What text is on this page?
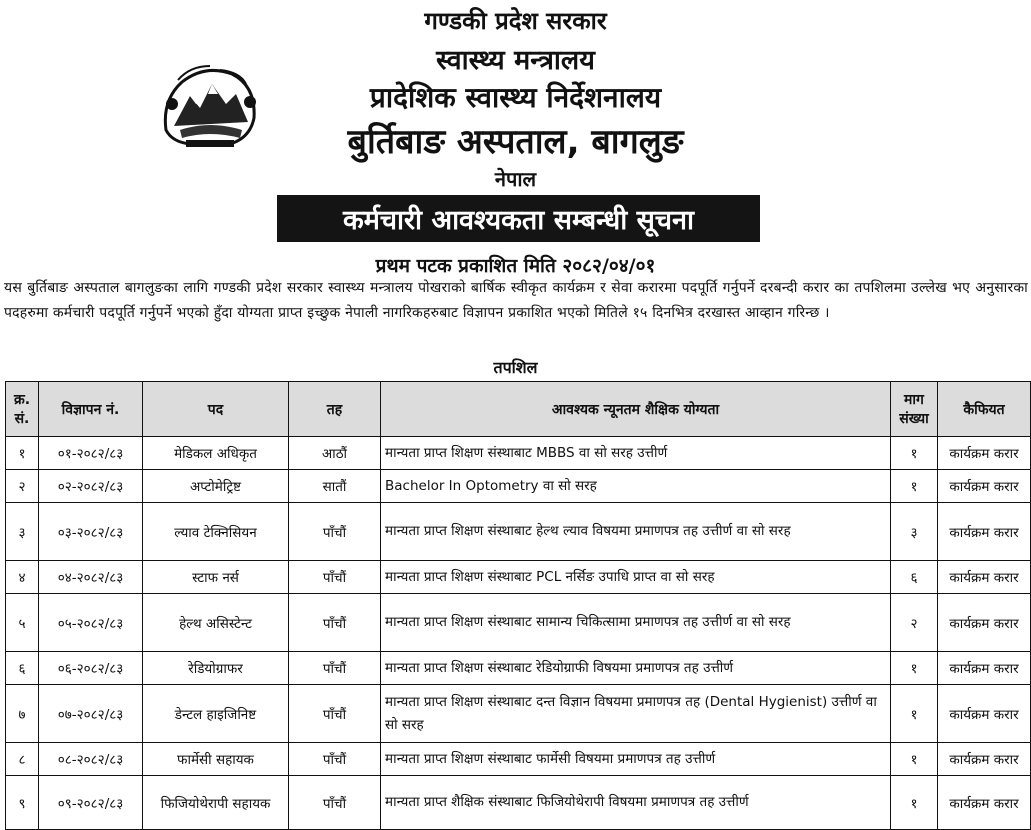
गण्डकी प्रदेश सरकार
स्वास्थ्य मन्त्रालय
प्रादेशिक स्वास्थ्य निर्देशनालय
बुर्तिबाङ अस्पताल, बागलुङ
नेपाल
कर्मचारी आवश्यकता सम्बन्धी सूचना
प्रथम पटक प्रकाशित मिति २०८२/०४/०१
यस बुर्तिबाङ अस्पताल बागलुङका लागि गण्डकी प्रदेश सरकार स्वास्थ्य मन्त्रालय पोखराको बार्षिक स्वीकृत कार्यक्रम र सेवा करारमा पदपूर्ति गर्नुपर्ने दरबन्दी करार का तपशिलमा उल्लेख भए अनुसारका पदहरुमा कर्मचारी पदपूर्ति गर्नुपर्ने भएको हुँदा योग्यता प्राप्त इच्छुक नेपाली नागरिकहरुबाट विज्ञापन प्रकाशित भएको मितिले १५ दिनभित्र दरखास्त आव्हान गरिन्छ ।
तपशिल
क्र. सं.	विज्ञापन नं.	पद	तह	आवश्यक न्यूनतम शैक्षिक योग्यता	माग संख्या	कैफियत
१	०१-२०८२/८३	मेडिकल अधिकृत	आठौं	मान्यता प्राप्त शिक्षण संस्थाबाट MBBS वा सो सरह उत्तीर्ण	१	कार्यक्रम करार
२	०२-२०८२/८३	अप्टोमेट्रिष्ट	सातौं	Bachelor In Optometry वा सो सरह	१	कार्यक्रम करार
३	०३-२०८२/८३	ल्याव टेक्निसियन	पाँचौं	मान्यता प्राप्त शिक्षण संस्थाबाट हेल्थ ल्याव विषयमा प्रमाणपत्र तह उत्तीर्ण वा सो सरह	३	कार्यक्रम करार
४	०४-२०८२/८३	स्टाफ नर्स	पाँचौं	मान्यता प्राप्त शिक्षण संस्थाबाट PCL नर्सिङ उपाधि प्राप्त वा सो सरह	६	कार्यक्रम करार
५	०५-२०८२/८३	हेल्थ असिस्टेन्ट	पाँचौं	मान्यता प्राप्त शिक्षण संस्थाबाट सामान्य चिकित्सामा प्रमाणपत्र तह उत्तीर्ण वा सो सरह	२	कार्यक्रम करार
६	०६-२०८२/८३	रेडियोग्राफर	पाँचौं	मान्यता प्राप्त शिक्षण संस्थाबाट रेडियोग्राफी विषयमा प्रमाणपत्र तह उत्तीर्ण	१	कार्यक्रम करार
७	०७-२०८२/८३	डेन्टल हाइजिनिष्ट	पाँचौं	मान्यता प्राप्त शिक्षण संस्थाबाट दन्त विज्ञान विषयमा प्रमाणपत्र तह (Dental Hygienist) उत्तीर्ण वा सो सरह	१	कार्यक्रम करार
८	०८-२०८२/८३	फार्मेसी सहायक	पाँचौं	मान्यता प्राप्त शिक्षण संस्थाबाट फार्मेसी विषयमा प्रमाणपत्र तह उत्तीर्ण	१	कार्यक्रम करार
९	०९-२०८२/८३	फिजियोथेरापी सहायक	पाँचौं	मान्यता प्राप्त शैक्षिक संस्थाबाट फिजियोथेरापी विषयमा प्रमाणपत्र तह उत्तीर्ण	१	कार्यक्रम करार
